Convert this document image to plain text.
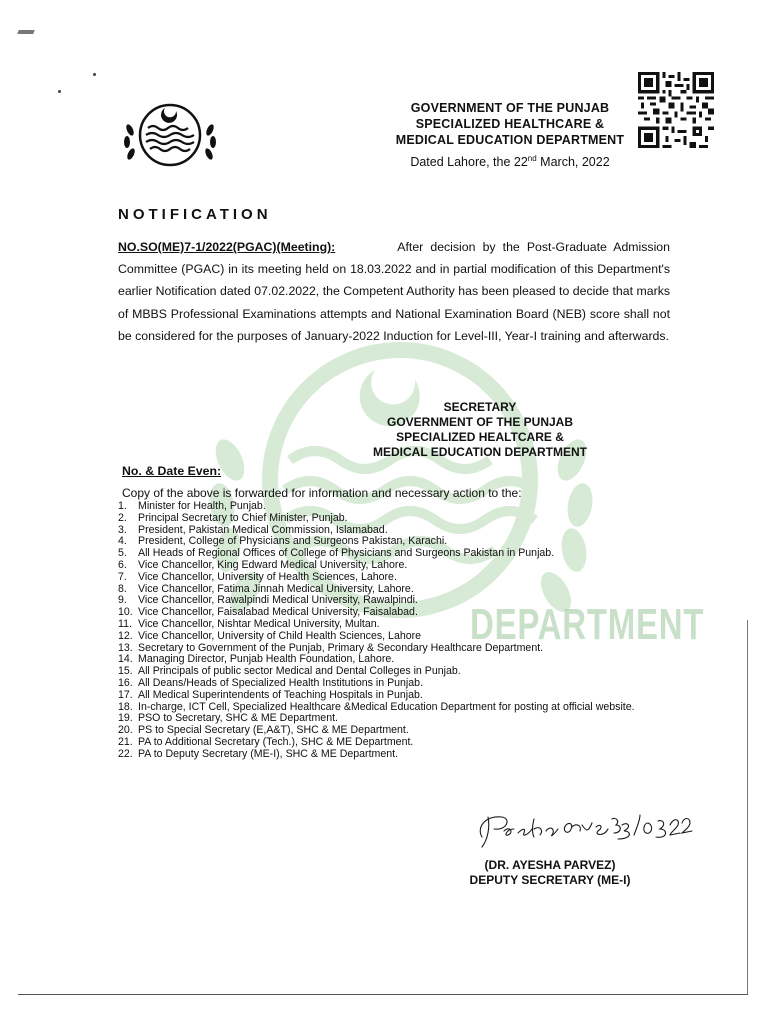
DEPARTMENT
GOVERNMENT OF THE PUNJAB
SPECIALIZED HEALTHCARE &
MEDICAL EDUCATION DEPARTMENT
Dated Lahore, the 22nd March, 2022
NOTIFICATION
NO.SO(ME)7-1/2022(PGAC)(Meeting):	After decision by the Post-Graduate Admission Committee (PGAC) in its meeting held on 18.03.2022 and in partial modification of this Department's earlier Notification dated 07.02.2022, the Competent Authority has been pleased to decide that marks of MBBS Professional Examinations attempts and National Examination Board (NEB) score shall not be considered for the purposes of January-2022 Induction for Level-III, Year-I training and afterwards.
SECRETARY
GOVERNMENT OF THE PUNJAB
SPECIALIZED HEALTCARE &
MEDICAL EDUCATION DEPARTMENT
No. & Date Even:
Copy of the above is forwarded for information and necessary action to the:
1.	Minister for Health, Punjab.
2.	Principal Secretary to Chief Minister, Punjab.
3.	President, Pakistan Medical Commission, Islamabad.
4.	President, College of Physicians and Surgeons Pakistan, Karachi.
5.	All Heads of Regional Offices of College of Physicians and Surgeons Pakistan in Punjab.
6.	Vice Chancellor, King Edward Medical University, Lahore.
7.	Vice Chancellor, University of Health Sciences, Lahore.
8.	Vice Chancellor, Fatima Jinnah Medical University, Lahore.
9.	Vice Chancellor, Rawalpindi Medical University, Rawalpindi.
10. Vice Chancellor, Faisalabad Medical University, Faisalabad.
11. Vice Chancellor, Nishtar Medical University, Multan.
12. Vice Chancellor, University of Child Health Sciences, Lahore
13. Secretary to Government of the Punjab, Primary & Secondary Healthcare Department.
14. Managing Director, Punjab Health Foundation, Lahore.
15. All Principals of public sector Medical and Dental Colleges in Punjab.
16. All Deans/Heads of Specialized Health Institutions in Punjab.
17. All Medical Superintendents of Teaching Hospitals in Punjab.
18. In-charge, ICT Cell, Specialized Healthcare &Medical Education Department for posting at official website.
19. PSO to Secretary, SHC & ME Department.
20. PS to Special Secretary (E,A&T), SHC & ME Department.
21. PA to Additional Secretary (Tech.), SHC & ME Department.
22. PA to Deputy Secretary (ME-I), SHC & ME Department.
(DR. AYESHA PARVEZ)
DEPUTY SECRETARY (ME-I)
